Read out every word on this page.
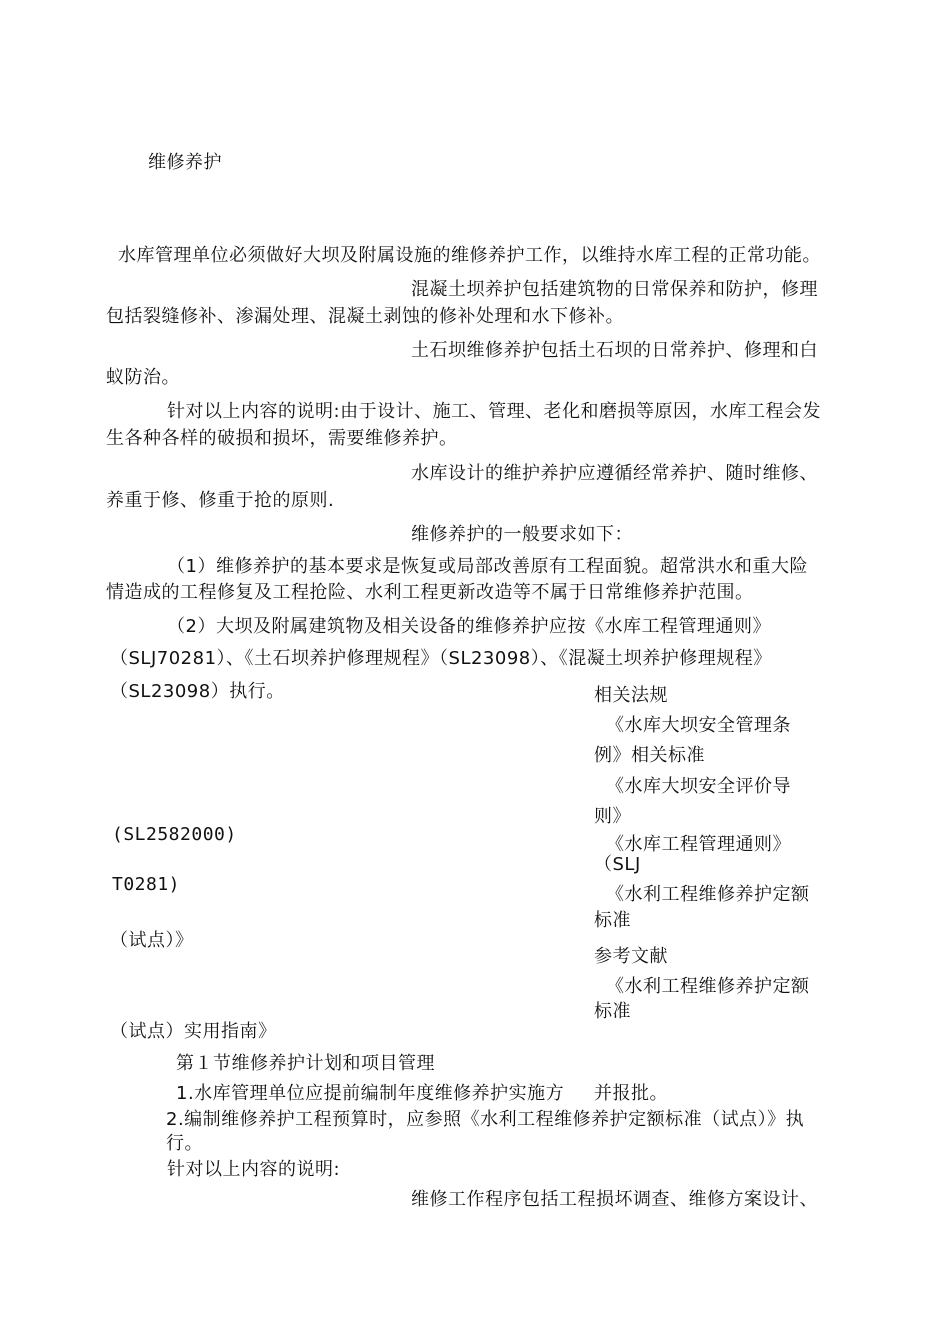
维修养护
水库管理单位必须做好大坝及附属设施的维修养护工作，以维持水库工程的正常功能。
混凝土坝养护包括建筑物的日常保养和防护，修理
包括裂缝修补、渗漏处理、混凝土剥蚀的修补处理和水下修补。
土石坝维修养护包括土石坝的日常养护、修理和白
蚁防治。
针对以上内容的说明:由于设计、施工、管理、老化和磨损等原因，水库工程会发
生各种各样的破损和损坏，需要维修养护。
水库设计的维护养护应遵循经常养护、随时维修、
养重于修、修重于抢的原则.
维修养护的一般要求如下：
（1）维修养护的基本要求是恢复或局部改善原有工程面貌。超常洪水和重大险
情造成的工程修复及工程抢险、水利工程更新改造等不属于日常维修养护范围。
（2）大坝及附属建筑物及相关设备的维修养护应按《水库工程管理通则》
（SLJ70281）、《土石坝养护修理规程》（SL23098）、《混凝土坝养护修理规程》
（SL23098）执行。
(SL2582000)
T0281)
（试点）》
（试点）实用指南》
相关法规
《水库大坝安全管理条
例》相关标准
《水库大坝安全评价导
则》
《水库工程管理通则》
（SLJ
《水利工程维修养护定额
标准
参考文献
《水利工程维修养护定额
标准
第１节维修养护计划和项目管理
1.水库管理单位应提前编制年度维修养护实施方 并报批。
2.编制维修养护工程预算时，应参照《水利工程维修养护定额标准（试点）》执
行。
针对以上内容的说明:
维修工作程序包括工程损坏调查、维修方案设计、
